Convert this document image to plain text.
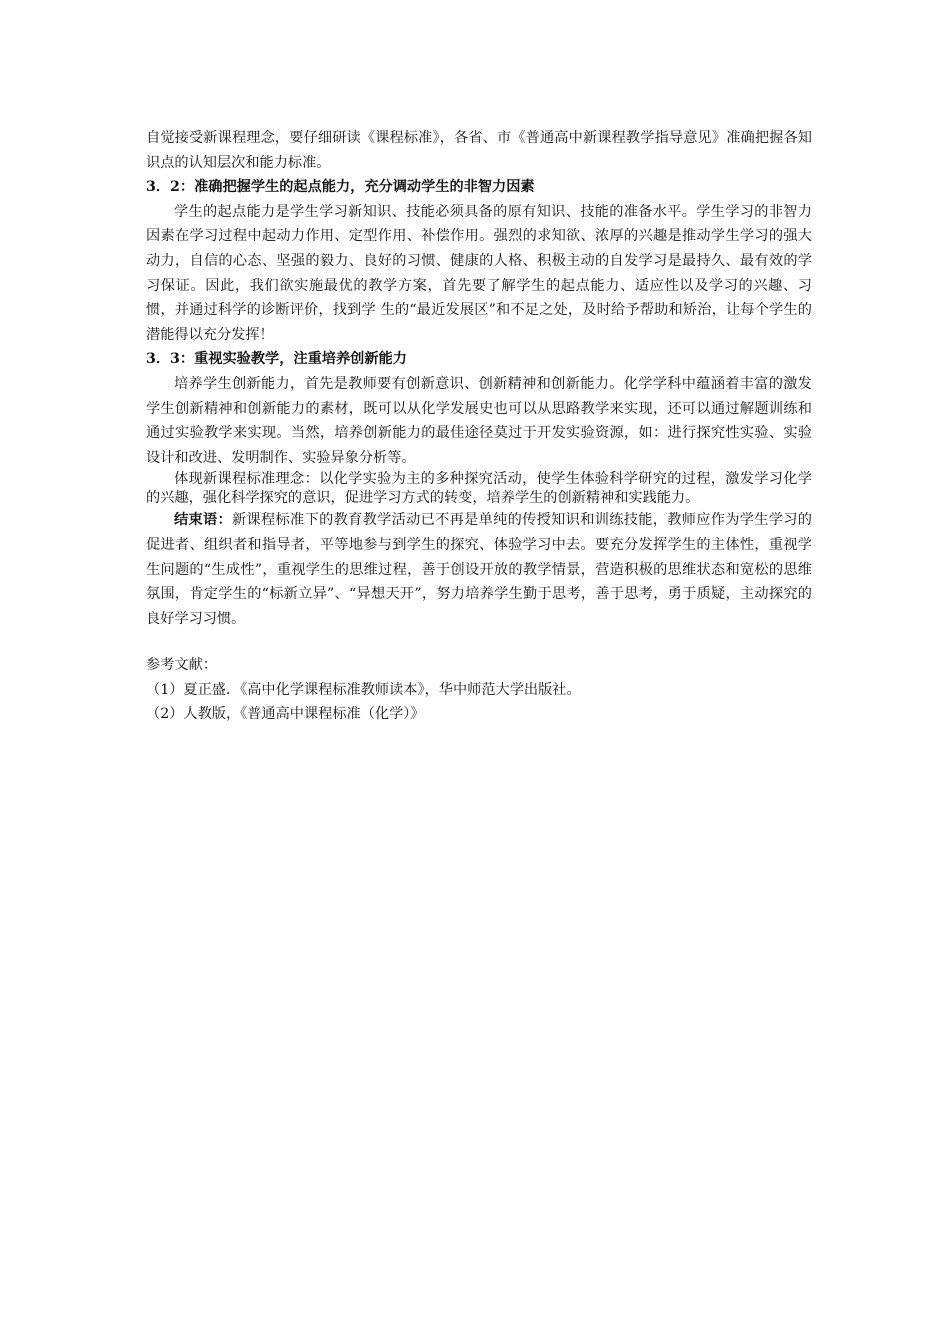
自觉接受新课程理念，要仔细研读《课程标准》，各省、市《普通高中新课程教学指导意见》准确把握各知识点的认知层次和能力标准。

3．2：准确把握学生的起点能力，充分调动学生的非智力因素

学生的起点能力是学生学习新知识、技能必须具备的原有知识、技能的准备水平。学生学习的非智力因素在学习过程中起动力作用、定型作用、补偿作用。强烈的求知欲、浓厚的兴趣是推动学生学习的强大动力，自信的心态、坚强的毅力、良好的习惯、健康的人格、积极主动的自发学习是最持久、最有效的学习保证。因此，我们欲实施最优的教学方案，首先要了解学生的起点能力、适应性以及学习的兴趣、习惯，并通过科学的诊断评价，找到学 生的“最近发展区”和不足之处，及时给予帮助和矫治，让每个学生的潜能得以充分发挥！

3．3：重视实验教学，注重培养创新能力

培养学生创新能力，首先是教师要有创新意识、创新精神和创新能力。化学学科中蕴涵着丰富的激发学生创新精神和创新能力的素材，既可以从化学发展史也可以从思路教学来实现，还可以通过解题训练和通过实验教学来实现。当然，培养创新能力的最佳途径莫过于开发实验资源，如：进行探究性实验、实验设计和改进、发明制作、实验异象分析等。

体现新课程标准理念：以化学实验为主的多种探究活动，使学生体验科学研究的过程，激发学习化学的兴趣，强化科学探究的意识，促进学习方式的转变，培养学生的创新精神和实践能力。

结束语：新课程标准下的教育教学活动已不再是单纯的传授知识和训练技能，教师应作为学生学习的促进者、组织者和指导者，平等地参与到学生的探究、体验学习中去。要充分发挥学生的主体性，重视学生问题的“生成性”，重视学生的思维过程，善于创设开放的教学情景，营造积极的思维状态和宽松的思维氛围，肯定学生的“标新立异”、“异想天开”，努力培养学生勤于思考，善于思考，勇于质疑，主动探究的良好学习习惯。

参考文献：

（1）夏正盛．《高中化学课程标准教师读本》，华中师范大学出版社。

（2）人教版，《普通高中课程标准（化学）》
